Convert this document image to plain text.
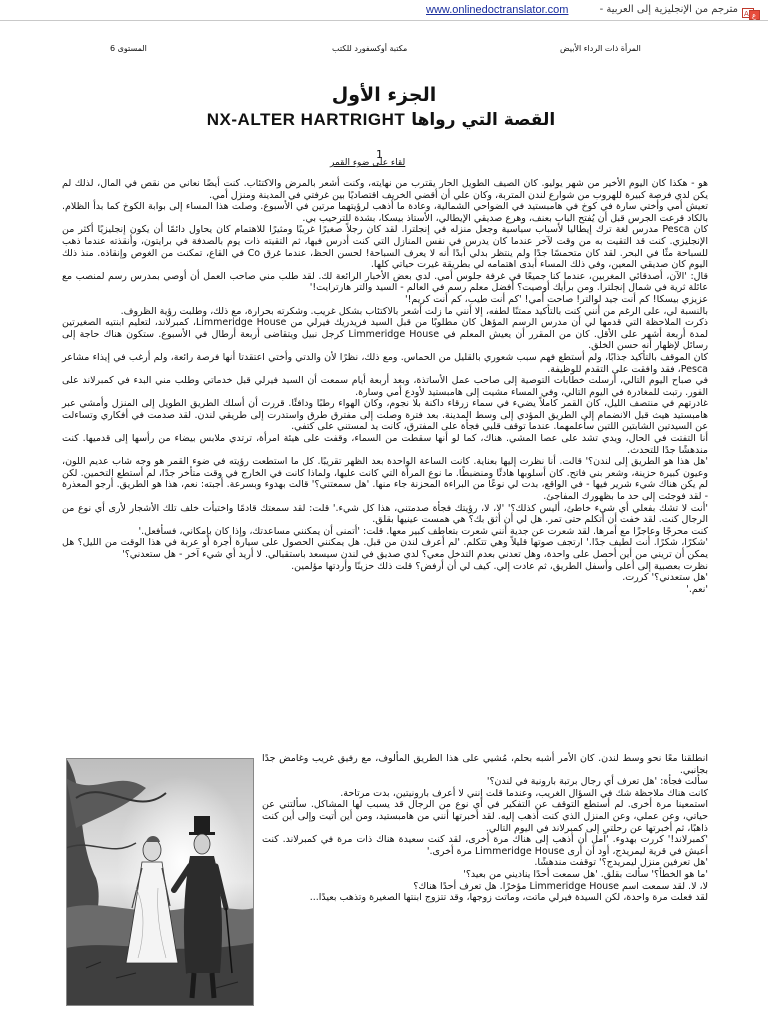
A ع
مترجم من الإنجليزية إلى العربية -
www.onlinedoctranslator.com
المرأة ذات الرداء الأبيض
مكتبة أوكسفورد للكتب
المستوى 6
الجزء الأول
NX-ALTER HARTRIGHT القصة التي رواها
1
لقاء على ضوء القمر

هو - هكذا كان اليوم الأخير من شهر يوليو. كان الصيف الطويل الحار يقترب من نهايته، وكنت أشعر بالمرض والاكتئاب. كنت أيضًا نعاني من نقص في المال، لذلك لم يكن لدي فرصة كبيرة للهروب من شوارع لندن المتربة، وكان علي أن أقضي الخريف اقتصاديًا بين غرفتي في المدينة ومنزل أمي.

تعيش أمي وأختي سارة في كوخ في هامبستيد في الضواحي الشمالية، وعادة ما أذهب لرؤيتهما مرتين في الأسبوع. وصلت هذا المساء إلى بوابة الكوخ كما بدأ الظلام. بالكاد قرعت الجرس قبل أن يُفتح الباب بعنف، وهرع صديقي الإيطالي، الأستاذ بيسكا، بشدة للترحيب بي.

كان Pesca مدرس لغة ترك إيطاليا لأسباب سياسية وجعل منزله في إنجلترا. لقد كان رجلاً صغيرًا غريبًا ومثيرًا للاهتمام كان يحاول دائمًا أن يكون إنجليزيًا أكثر من الإنجليزي. كنت قد التقيت به من وقت لآخر عندما كان يدرس في نفس المنازل التي كنت أدرس فيها، ثم التقيته ذات يوم بالصدفة في برايتون، وأنقذته عندما ذهب للسباحة مثًا في البحر. لقد كان متحمسًا جدًا ولم ينتظر بدلي أبدًا أنه لا يعرف السباحة! لحسن الحظ، عندما غرق Co في القاع، تمكنت من الغوص وإنقاذه. منذ ذلك اليوم كان صديقي المعين، وفي ذلك المساء أبدى اهتمامه لي بطريقة غيرت حياتي كلها.

قال: 'الآن، أصدقائي المغربين، عندما كنا جميعًا في غرفة جلوس أمي. لدي بعض الأخبار الرائعة لك. لقد طلب مني صاحب العمل أن أوصي بمدرس رسم لمنصب مع عائلة ثرية في شمال إنجلترا. ومن برأيك أوصيت؟ أفضل معلم رسم في العالم - السيد والتر هارترايت!'

عزيزي بيسكا! كم أنت جيد لوالتر! صاحت أمي! 'كم أنت طيب، كم أنت كريم!'

بالنسبة لي، على الرغم من أنني كنت بالتأكيد ممتنًا لطفه، إلا أنني ما زلت أشعر بالاكتئاب بشكل غريب. وشكرته بحرارة، مع ذلك، وطلبت رؤية الظروف.

ذكرت الملاحظة التي قدمها لي أن مدرس الرسم المؤهل كان مطلوبًا من قبل السيد فريدريك فيرلي من Limmeridge House، كمبرلاند، لتعليم ابنتيه الصغيرتين لمدة أربعة أشهر على الأقل. كان من المقرر أن يعيش المعلم في Limmeridge House كرجل نبيل ويتقاضى أربعة أرطال في الأسبوع. ستكون هناك حاجة إلى رسائل لإظهار أنه حسن الخلق.

كان الموقف بالتأكيد جذابًا، ولم أستطع فهم سبب شعوري بالقليل من الحماس. ومع ذلك، نظرًا لأن والدتي وأختي اعتقدتا أنها فرصة رائعة، ولم أرغب في إيذاء مشاعر Pesca، فقد وافقت على التقدم للوظيفة.

في صباح اليوم التالي، أرسلت خطابات التوصية إلى صاحب عمل الأساتذة، وبعد أربعة أيام سمعت أن السيد فيرلي قبل خدماتي وطلب مني البدء في كمبرلاند على الفور. رتبت للمغادرة في اليوم التالي، وفي المساء مشيت إلى هامبستيد لأودع أمي وسارة.

غادرتهم في منتصف الليل، كان القمر كاملاً يضيء في سماء زرقاء داكنة بلا نجوم، وكان الهواء رطبًا ودافئًا. قررت أن أسلك الطريق الطويل إلى المنزل وأمشي عبر هامبستيد هيث قبل الانضمام إلى الطريق المؤدي إلى وسط المدينة. بعد فترة وصلت إلى مفترق طرق واستدرت إلى طريقي لندن. لقد صدمت في أفكاري وتساءلت عن السيدتين الشابتين اللتين سأعلمهما. عندما توقف قلبي فجأة على المفترق، كانت يد لمستني على كتفي.

أنا التفتت في الحال، ويدي تشد على عصا المشي. هناك، كما لو أنها سقطت من السماء، وقفت على هيئة امرأة، ترتدي ملابس بيضاء من رأسها إلى قدميها. كنت مندهشًا جدًا للتحدث.

'هل هذا هو الطريق إلى لندن؟' قالت. أنا نظرت إليها بعناية. كانت الساعة الواحدة بعد الظهر تقريبًا. كل ما استطعت رؤيته في ضوء القمر هو وجه شاب عديم اللون، وعيون كبيرة حزينة، وشعر بني فاتح. كان أسلوبها هادئًا ومنضبطًا. ما نوع المرأة التي كانت عليها، ولماذا كانت في الخارج في وقت متأخر جدًا، لم أستطع التخمين. لكن لم يكن هناك شيء شرير فيها - في الواقع، بدت لي نوعًا من البراءة المحزنة جاء منها. 'هل سمعتني؟' قالت بهدوء وبسرعة. أجبته: نعم، هذا هو الطريق. أرجو المعذرة - لقد فوجئت إلى حد ما بظهورك المفاجئ.

'أنت لا تشك بفعلي أي شيء خاطئ، أليس كذلك؟' 'لا، لا، رؤيتك فجأة صدمتني، هذا كل شيء.' قلت: لقد سمعتك قادمًا واختبأت خلف تلك الأشجار لأرى أي نوع من الرجال كنت. لقد خفت أن أتكلم حتى تمر. هل لي أن أثق بك؟ هي همست عينيها بقلق.

كنت محرجًا وعاجزًا مع أمرها. لقد شعرت عن جدية أنني شعرت بتعاطف كبير معها. قلت: 'أتمنى أن يمكنني مساعدتك، وإذا كان بإمكاني، فسأفعل.'

'شكرًا، شكرًا. أنت لطيف جدًا.' ارتجف صوتها قليلاً وهي تتكلم. 'لم أعرف لندن من قبل. هل يمكنني الحصول على سيارة أجرة أو عربة في هذا الوقت من الليل؟ هل يمكن أن تريني من أين أحصل على واحدة، وهل تعدني بعدم التدخل معي؟ لدي صديق في لندن سيسعد باستقبالي. لا أريد أي شيء آخر - هل ستعدني؟'

نظرت بعصبية إلى أعلى وأسفل الطريق، ثم عادت إلي. كيف لي أن أرفض؟ قلت ذلك حزينًا وأردتها مؤلمين.

'هل ستعدني؟' كررت.

'نعم.'

انطلقنا معًا نحو وسط لندن. كان الأمر أشبه بحلم، مُشيي على هذا الطريق المألوف، مع رفيق غريب وغامض جدًا بجانبي.

سألت فجأة: 'هل تعرف أي رجال برتبة بارونية في لندن؟'

كانت هناك ملاحظة شك في السؤال الغريب، وعندما قلت إنني لا أعرف بارونيتين، بدت مرتاحة.

استمعينا مرة أخرى. لم أستطع التوقف عن التفكير في أي نوع من الرجال قد يسبب لها المشاكل. سألتني عن حياتي، وعن عملي، وعن المنزل الذي كنت أذهب إليه. لقد أخبرتها أنني من هامبستيد، ومن أين أتيت وإلى أين كنت ذاهبًا، ثم أخبرتها عن رحلتي إلى كمبرلاند في اليوم التالي.

'كمبرلاند!' كررت بهدوء. 'آمل أن أذهب إلى هناك مرة أخرى، لقد كنت سعيدة هناك ذات مرة في كمبرلاند. كنت أعيش في قرية ليمريدج، أود أن أرى Limmeridge House مرة أخرى.'

'هل تعرفين منزل ليمريدج؟' توقفت مندهشًا.

'ما هو الخطأ؟' سألت بقلق. 'هل سمعت أحدًا يناديني من بعيد؟'

لا، لا. لقد سمعت اسم Limmeridge House مؤخرًا. هل تعرف أحدًا هناك؟

لقد فعلت مرة واحدة، لكن السيدة فيرلي ماتت، وماتت زوجها، وقد تتزوج ابنتها الصغيرة وتذهب بعيدًا...
